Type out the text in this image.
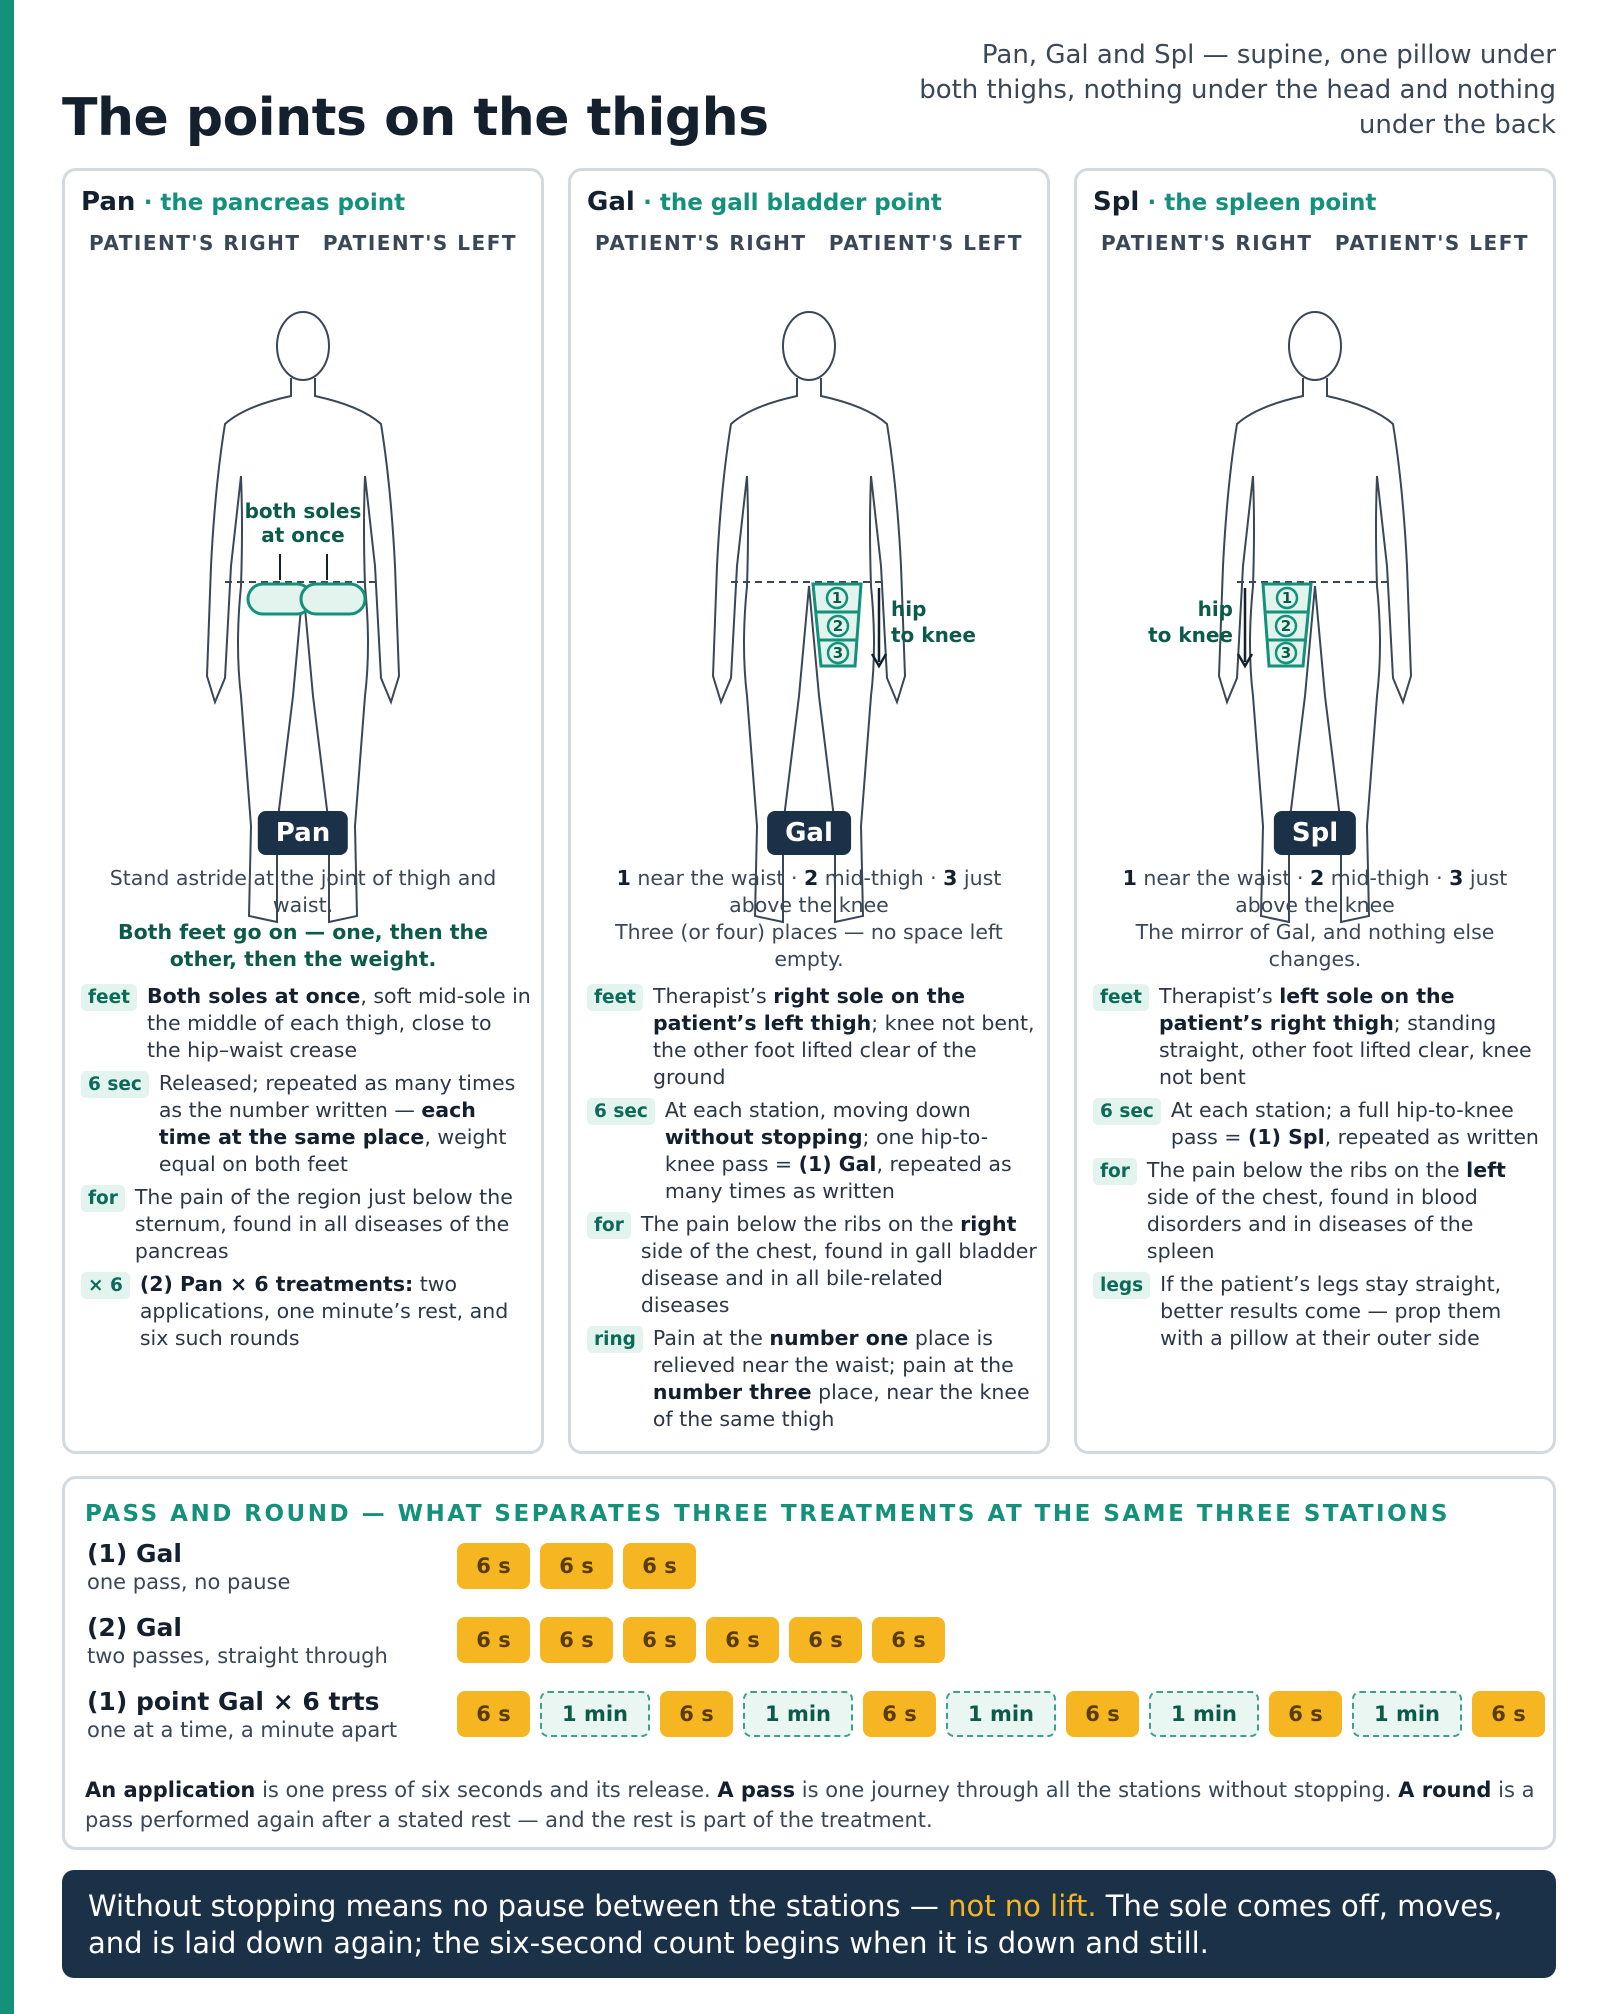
The points on the thighs
Pan, Gal and Spl — supine, one pillow under both thighs, nothing under the head and nothing under the back
Pan · the pancreas point
PATIENT'S RIGHT PATIENT'S LEFT
both soles
at once
Pan
Stand astride at the joint of thigh and waist.
Both feet go on — one, then the other, then the weight.
feet Both soles at once, soft mid-sole in the middle of each thigh, close to the hip–waist crease
6 sec Released; repeated as many times as the number written — each time at the same place, weight equal on both feet
for The pain of the region just below the sternum, found in all diseases of the pancreas
× 6 (2) Pan × 6 treatments: two applications, one minute’s rest, and six such rounds
Gal · the gall bladder point
PATIENT'S RIGHT PATIENT'S LEFT
1
2
3
hip
to knee
Gal
1 near the waist · 2 mid-thigh · 3 just above the knee
Three (or four) places — no space left empty.
feet Therapist’s right sole on the patient’s left thigh; knee not bent, the other foot lifted clear of the ground
6 sec At each station, moving down without stopping; one hip-to-knee pass = (1) Gal, repeated as many times as written
for The pain below the ribs on the right side of the chest, found in gall bladder disease and in all bile-related diseases
ring Pain at the number one place is relieved near the waist; pain at the number three place, near the knee of the same thigh
Spl · the spleen point
PATIENT'S RIGHT PATIENT'S LEFT
1
2
3
hip
to knee
Spl
1 near the waist · 2 mid-thigh · 3 just above the knee
The mirror of Gal, and nothing else changes.
feet Therapist’s left sole on the patient’s right thigh; standing straight, other foot lifted clear, knee not bent
6 sec At each station; a full hip-to-knee pass = (1) Spl, repeated as written
for The pain below the ribs on the left side of the chest, found in blood disorders and in diseases of the spleen
legs If the patient’s legs stay straight, better results come — prop them with a pillow at their outer side
PASS AND ROUND — WHAT SEPARATES THREE TREATMENTS AT THE SAME THREE STATIONS
(1) Gal
one pass, no pause
6 s	6 s	6 s
(2) Gal
two passes, straight through
6 s	6 s	6 s	6 s	6 s	6 s
(1) point Gal × 6 trts
one at a time, a minute apart
6 s	1 min	6 s	1 min	6 s	1 min	6 s	1 min	6 s	1 min	6 s
An application is one press of six seconds and its release. A pass is one journey through all the stations without stopping. A round is a pass performed again after a stated rest — and the rest is part of the treatment.
Without stopping means no pause between the stations — not no lift. The sole comes off, moves, and is laid down again; the six-second count begins when it is down and still.
